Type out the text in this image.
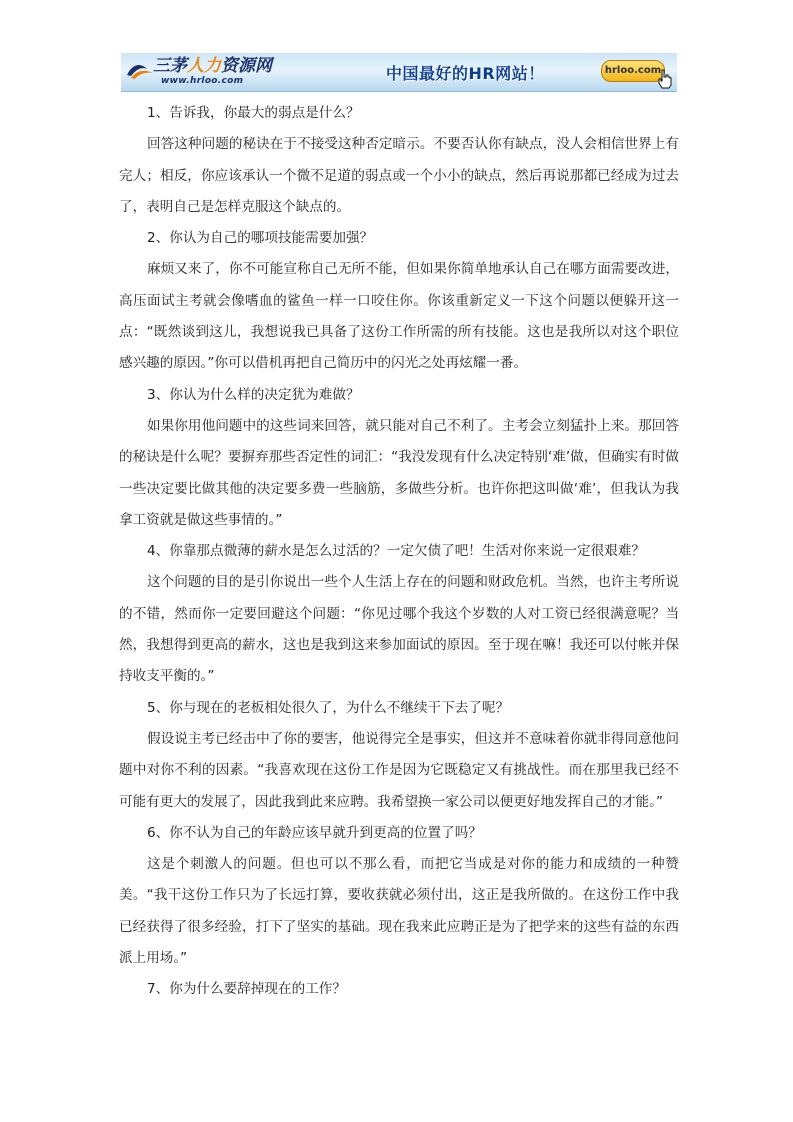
三茅人力资源网
www.hrloo.com	中国最好的HR网站！	hrloo.com

1、告诉我，你最大的弱点是什么？

回答这种问题的秘诀在于不接受这种否定暗示。不要否认你有缺点，没人会相信世界上有完人；相反，你应该承认一个微不足道的弱点或一个小小的缺点，然后再说那都已经成为过去了，表明自己是怎样克服这个缺点的。

2、你认为自己的哪项技能需要加强？

麻烦又来了，你不可能宣称自己无所不能，但如果你简单地承认自己在哪方面需要改进，高压面试主考就会像嗜血的鲨鱼一样一口咬住你。你该重新定义一下这个问题以便躲开这一点：“既然谈到这儿，我想说我已具备了这份工作所需的所有技能。这也是我所以对这个职位感兴趣的原因。”你可以借机再把自己简历中的闪光之处再炫耀一番。

3、你认为什么样的决定犹为难做？

如果你用他问题中的这些词来回答，就只能对自己不利了。主考会立刻猛扑上来。那回答的秘诀是什么呢？要摒弃那些否定性的词汇：“我没发现有什么决定特别‘难’做，但确实有时做一些决定要比做其他的决定要多费一些脑筋，多做些分析。也许你把这叫做‘难’，但我认为我拿工资就是做这些事情的。”

4、你靠那点微薄的薪水是怎么过活的？一定欠债了吧！生活对你来说一定很艰难？

这个问题的目的是引你说出一些个人生活上存在的问题和财政危机。当然，也许主考所说的不错，然而你一定要回避这个问题：“你见过哪个我这个岁数的人对工资已经很满意呢？当然，我想得到更高的薪水，这也是我到这来参加面试的原因。至于现在嘛！我还可以付帐并保持收支平衡的。”

5、你与现在的老板相处很久了，为什么不继续干下去了呢？

假设说主考已经击中了你的要害，他说得完全是事实，但这并不意味着你就非得同意他问题中对你不利的因素。“我喜欢现在这份工作是因为它既稳定又有挑战性。而在那里我已经不可能有更大的发展了，因此我到此来应聘。我希望换一家公司以便更好地发挥自己的才能。”

6、你不认为自己的年龄应该早就升到更高的位置了吗？

这是个刺激人的问题。但也可以不那么看，而把它当成是对你的能力和成绩的一种赞美。“我干这份工作只为了长远打算，要收获就必须付出，这正是我所做的。在这份工作中我已经获得了很多经验，打下了坚实的基础。现在我来此应聘正是为了把学来的这些有益的东西派上用场。”

7、你为什么要辞掉现在的工作？
